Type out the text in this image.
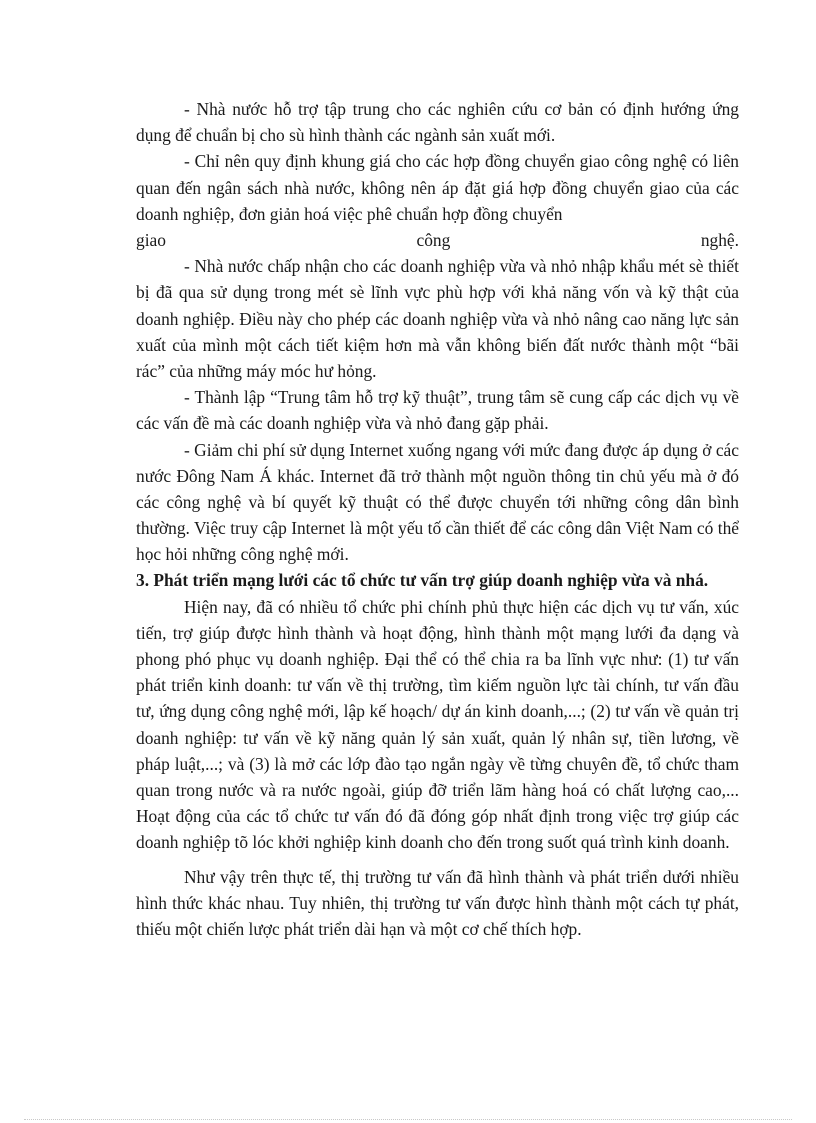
- Nhà nước hỗ trợ tập trung cho các nghiên cứu cơ bản có định hướng ứng dụng để chuẩn bị cho sù hình thành các ngành sản xuất mới.

- Chỉ nên quy định khung giá cho các hợp đồng chuyển giao công nghệ có liên quan đến ngân sách nhà nước, không nên áp đặt giá hợp đồng chuyển giao của các doanh nghiệp, đơn giản hoá việc phê chuẩn hợp đồng chuyển

giao	công	nghệ.

- Nhà nước chấp nhận cho các doanh nghiệp vừa và nhỏ nhập khẩu mét sè thiết bị đã qua sử dụng trong mét sè lĩnh vực phù hợp với khả năng vốn và kỹ thật của doanh nghiệp. Điều này cho phép các doanh nghiệp vừa và nhỏ nâng cao năng lực sản xuất của mình một cách tiết kiệm hơn mà vẫn không biến đất nước thành một “bãi rác” của những máy móc hư hỏng.

- Thành lập “Trung tâm hỗ trợ kỹ thuật”, trung tâm sẽ cung cấp các dịch vụ về các vấn đề mà các doanh nghiệp vừa và nhỏ đang gặp phải.

- Giảm chi phí sử dụng Internet xuống ngang với mức đang được áp dụng ở các nước Đông Nam Á khác. Internet đã trở thành một nguồn thông tin chủ yếu mà ở đó các công nghệ và bí quyết kỹ thuật có thể được chuyển tới những công dân bình thường. Việc truy cập Internet là một yếu tố cần thiết để các công dân Việt Nam có thể học hỏi những công nghệ mới.

3. Phát triển mạng lưới các tổ chức tư vấn trợ giúp doanh nghiệp vừa và nhá.

Hiện nay, đã có nhiều tổ chức phi chính phủ thực hiện các dịch vụ tư vấn, xúc tiến, trợ giúp được hình thành và hoạt động, hình thành một mạng lưới đa dạng và phong phó phục vụ doanh nghiệp. Đại thể có thể chia ra ba lĩnh vực như: (1) tư vấn phát triển kinh doanh: tư vấn về thị trường, tìm kiếm nguồn lực tài chính, tư vấn đầu tư, ứng dụng công nghệ mới, lập kế hoạch/ dự án kinh doanh,...; (2) tư vấn về quản trị doanh nghiệp: tư vấn về kỹ năng quản lý sản xuất, quản lý nhân sự, tiền lương, về pháp luật,...; và (3) là mở các lớp đào tạo ngắn ngày về từng chuyên đề, tổ chức tham quan trong nước và ra nước ngoài, giúp đỡ triển lãm hàng hoá có chất lượng cao,... Hoạt động của các tổ chức tư vấn đó đã đóng góp nhất định trong việc trợ giúp các doanh nghiệp tõ lóc khởi nghiệp kinh doanh cho đến trong suốt quá trình kinh doanh.

Như vậy trên thực tế, thị trường tư vấn đã hình thành và phát triển dưới nhiều hình thức khác nhau. Tuy nhiên, thị trường tư vấn được hình thành một cách tự phát, thiếu một chiến lược phát triển dài hạn và một cơ chế thích hợp.
